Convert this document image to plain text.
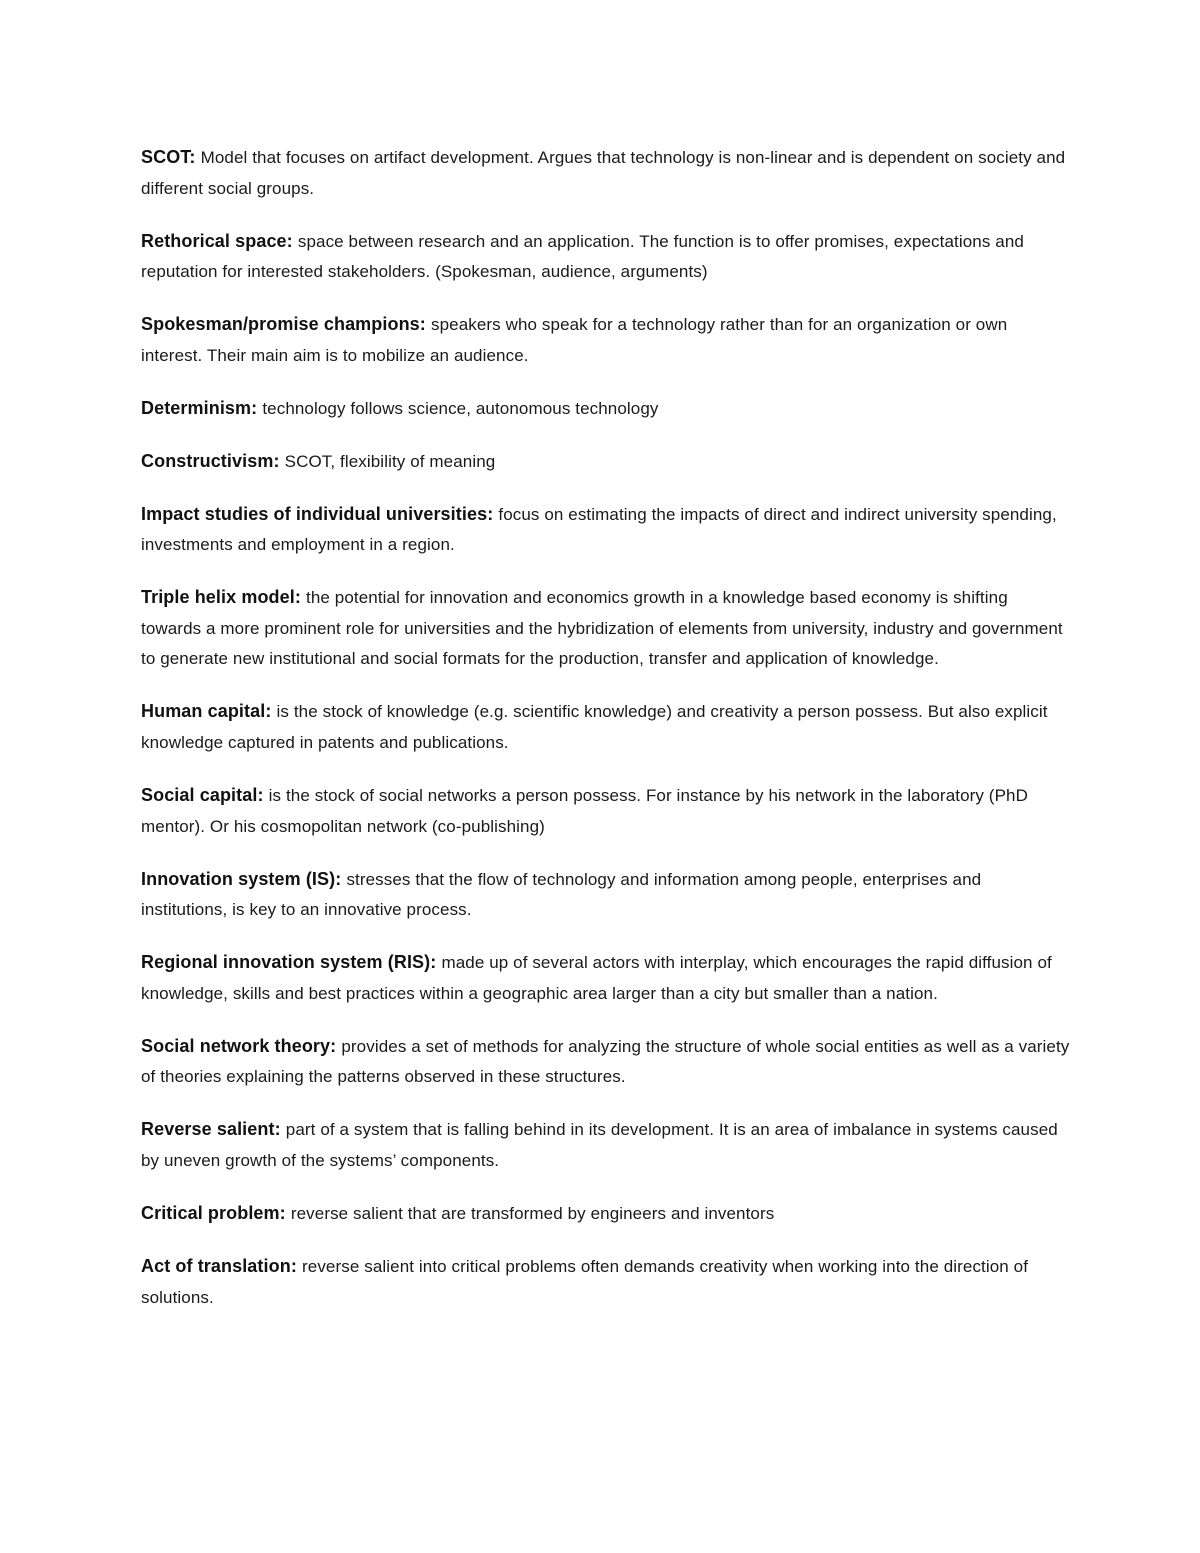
SCOT: Model that focuses on artifact development. Argues that technology is non-linear and is dependent on society and different social groups.

Rethorical space: space between research and an application. The function is to offer promises, expectations and reputation for interested stakeholders. (Spokesman, audience, arguments)

Spokesman/promise champions: speakers who speak for a technology rather than for an organization or own interest. Their main aim is to mobilize an audience.

Determinism: technology follows science, autonomous technology

Constructivism: SCOT, flexibility of meaning

Impact studies of individual universities: focus on estimating the impacts of direct and indirect university spending, investments and employment in a region.

Triple helix model: the potential for innovation and economics growth in a knowledge based economy is shifting towards a more prominent role for universities and the hybridization of elements from university, industry and government to generate new institutional and social formats for the production, transfer and application of knowledge.

Human capital: is the stock of knowledge (e.g. scientific knowledge) and creativity a person possess. But also explicit knowledge captured in patents and publications.

Social capital: is the stock of social networks a person possess. For instance by his network in the laboratory (PhD mentor). Or his cosmopolitan network (co-publishing)

Innovation system (IS): stresses that the flow of technology and information among people, enterprises and institutions, is key to an innovative process.

Regional innovation system (RIS): made up of several actors with interplay, which encourages the rapid diffusion of knowledge, skills and best practices within a geographic area larger than a city but smaller than a nation.

Social network theory: provides a set of methods for analyzing the structure of whole social entities as well as a variety of theories explaining the patterns observed in these structures.

Reverse salient: part of a system that is falling behind in its development. It is an area of imbalance in systems caused by uneven growth of the systems’ components.

Critical problem: reverse salient that are transformed by engineers and inventors

Act of translation: reverse salient into critical problems often demands creativity when working into the direction of solutions.
